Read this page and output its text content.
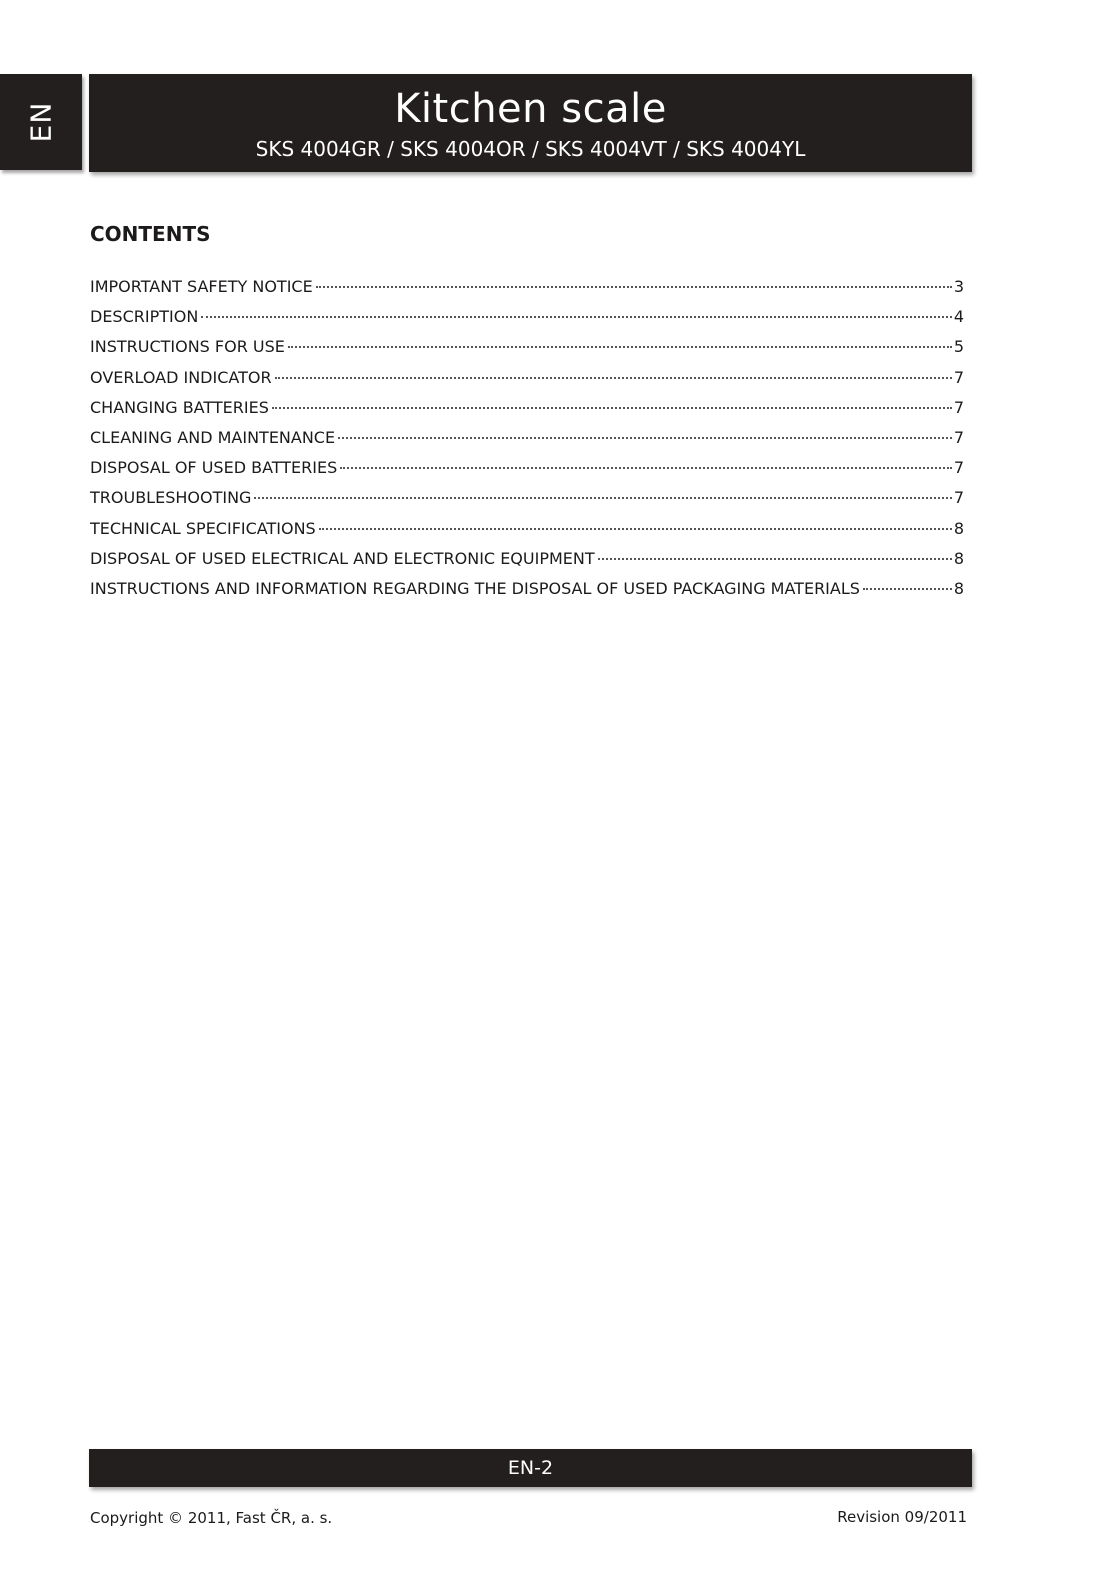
EN	Kitchen scale
SKS 4004GR / SKS 4004OR / SKS 4004VT / SKS 4004YL
CONTENTS
IMPORTANT SAFETY NOTICE	3
DESCRIPTION	4
INSTRUCTIONS FOR USE	5
OVERLOAD INDICATOR	7
CHANGING BATTERIES	7
CLEANING AND MAINTENANCE	7
DISPOSAL OF USED BATTERIES	7
TROUBLESHOOTING	7
TECHNICAL SPECIFICATIONS	8
DISPOSAL OF USED ELECTRICAL AND ELECTRONIC EQUIPMENT	8
INSTRUCTIONS AND INFORMATION REGARDING THE DISPOSAL OF USED PACKAGING MATERIALS	8
EN-2
Copyright © 2011, Fast ČR, a. s.	Revision 09/2011
